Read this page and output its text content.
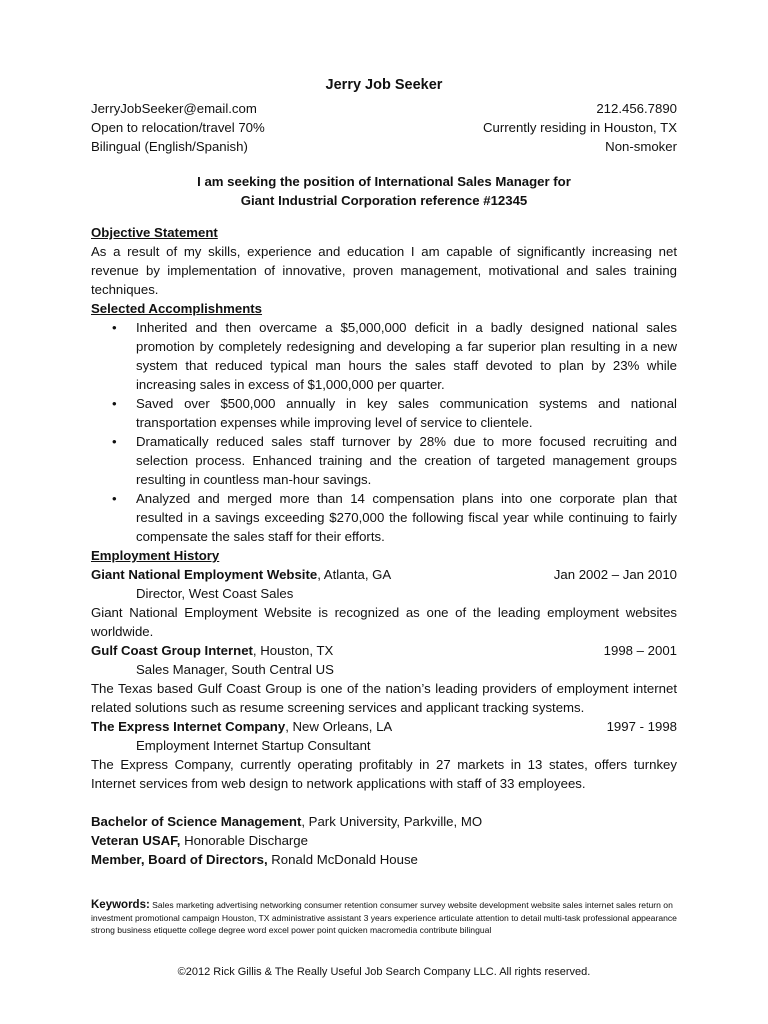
Jerry Job Seeker
JerryJobSeeker@email.com	212.456.7890
Open to relocation/travel 70%	Currently residing in Houston, TX
Bilingual (English/Spanish)	Non-smoker
I am seeking the position of International Sales Manager for
Giant Industrial Corporation reference #12345
Objective Statement
As a result of my skills, experience and education I am capable of significantly increasing net revenue by implementation of innovative, proven management, motivational and sales training techniques.
Selected Accomplishments
• Inherited and then overcame a $5,000,000 deficit in a badly designed national sales promotion by completely redesigning and developing a far superior plan resulting in a new system that reduced typical man hours the sales staff devoted to plan by 23% while increasing sales in excess of $1,000,000 per quarter.
• Saved over $500,000 annually in key sales communication systems and national transportation expenses while improving level of service to clientele.
• Dramatically reduced sales staff turnover by 28% due to more focused recruiting and selection process. Enhanced training and the creation of targeted management groups resulting in countless man-hour savings.
• Analyzed and merged more than 14 compensation plans into one corporate plan that resulted in a savings exceeding $270,000 the following fiscal year while continuing to fairly compensate the sales staff for their efforts.
Employment History
Giant National Employment Website, Atlanta, GA	Jan 2002 – Jan 2010
Director, West Coast Sales
Giant National Employment Website is recognized as one of the leading employment websites worldwide.
Gulf Coast Group Internet, Houston, TX	1998 – 2001
Sales Manager, South Central US
The Texas based Gulf Coast Group is one of the nation’s leading providers of employment internet related solutions such as resume screening services and applicant tracking systems.
The Express Internet Company, New Orleans, LA	1997 - 1998
Employment Internet Startup Consultant
The Express Company, currently operating profitably in 27 markets in 13 states, offers turnkey Internet services from web design to network applications with staff of 33 employees.
Bachelor of Science Management, Park University, Parkville, MO
Veteran USAF, Honorable Discharge
Member, Board of Directors, Ronald McDonald House
Keywords: Sales marketing advertising networking consumer retention consumer survey website development website sales internet sales return on investment promotional campaign Houston, TX administrative assistant 3 years experience articulate attention to detail multi-task professional appearance strong business etiquette college degree word excel power point quicken macromedia contribute bilingual
©2012 Rick Gillis & The Really Useful Job Search Company LLC. All rights reserved.
